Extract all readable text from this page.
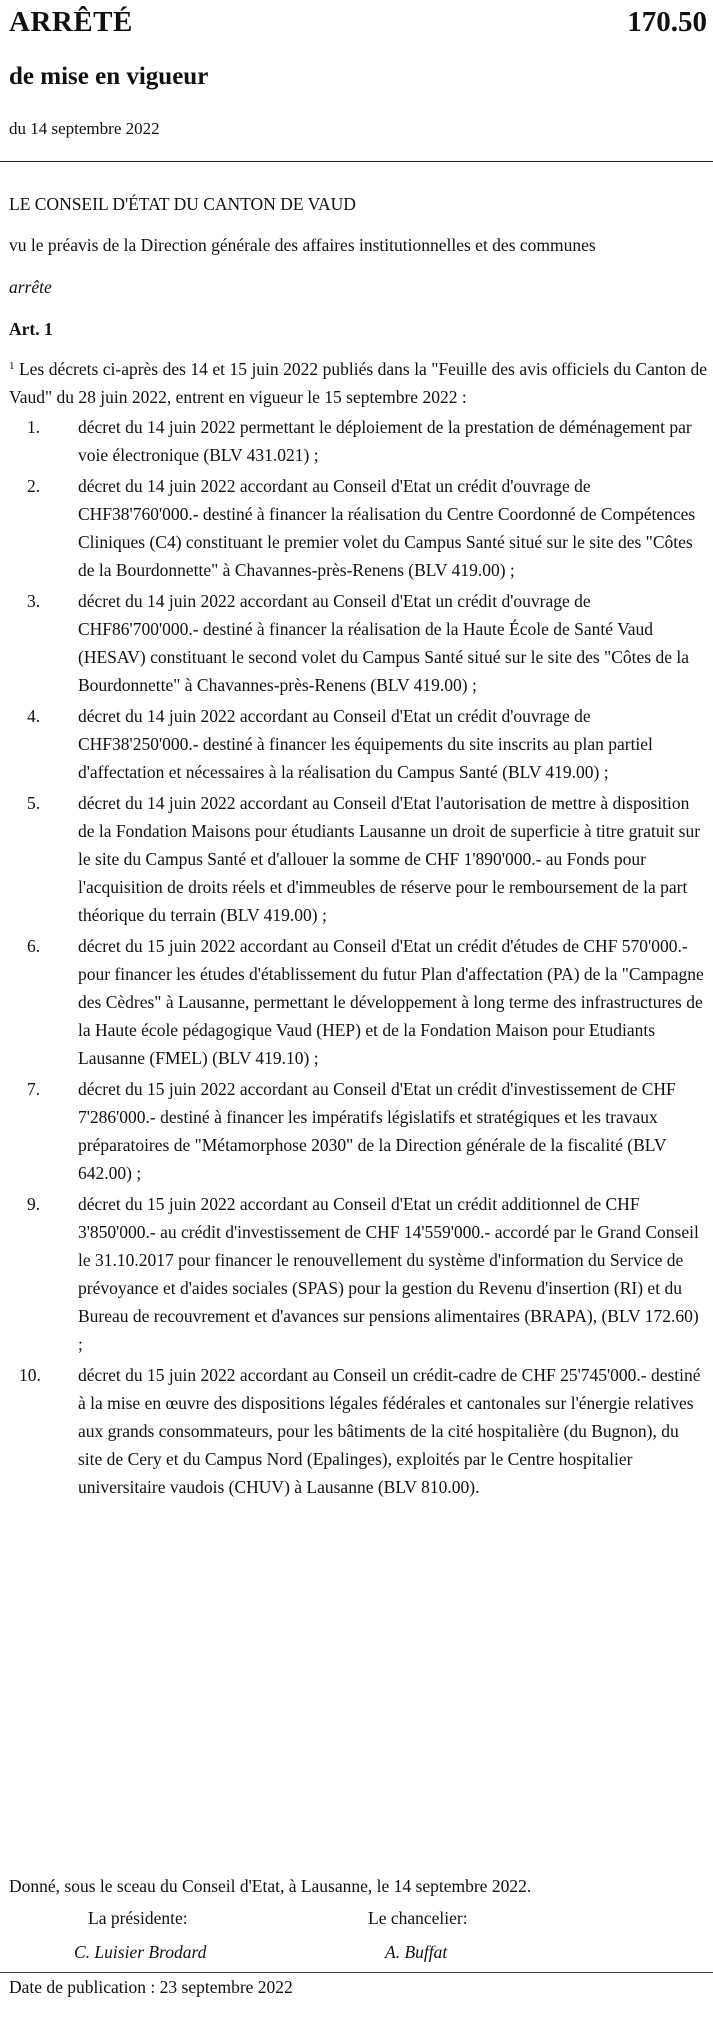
ARRÊTÉ	170.50
de mise en vigueur
du 14 septembre 2022

LE CONSEIL D'ÉTAT DU CANTON DE VAUD

vu le préavis de la Direction générale des affaires institutionnelles et des communes

arrête

Art. 1

$^1$ Les décrets ci-après des 14 et 15 juin 2022 publiés dans la "Feuille des avis officiels du Canton de Vaud" du 28 juin 2022, entrent en vigueur le 15 septembre 2022 :

1.	décret du 14 juin 2022 permettant le déploiement de la prestation de déménagement par voie électronique (BLV 431.021) ;
2.	décret du 14 juin 2022 accordant au Conseil d'Etat un crédit d'ouvrage de CHF38'760'000.- destiné à financer la réalisation du Centre Coordonné de Compétences Cliniques (C4) constituant le premier volet du Campus Santé situé sur le site des "Côtes de la Bourdonnette" à Chavannes-près-Renens (BLV 419.00) ;
3.	décret du 14 juin 2022 accordant au Conseil d'Etat un crédit d'ouvrage de CHF86'700'000.- destiné à financer la réalisation de la Haute École de Santé Vaud (HESAV) constituant le second volet du Campus Santé situé sur le site des "Côtes de la Bourdonnette" à Chavannes-près-Renens (BLV 419.00) ;
4.	décret du 14 juin 2022 accordant au Conseil d'Etat un crédit d'ouvrage de CHF38'250'000.- destiné à financer les équipements du site inscrits au plan partiel d'affectation et nécessaires à la réalisation du Campus Santé (BLV 419.00) ;
5.	décret du 14 juin 2022 accordant au Conseil d'Etat l'autorisation de mettre à disposition de la Fondation Maisons pour étudiants Lausanne un droit de superficie à titre gratuit sur le site du Campus Santé et d'allouer la somme de CHF 1'890'000.- au Fonds pour l'acquisition de droits réels et d'immeubles de réserve pour le remboursement de la part théorique du terrain (BLV 419.00) ;
6.	décret du 15 juin 2022 accordant au Conseil d'Etat un crédit d'études de CHF 570'000.- pour financer les études d'établissement du futur Plan d'affectation (PA) de la "Campagne des Cèdres" à Lausanne, permettant le développement à long terme des infrastructures de la Haute école pédagogique Vaud (HEP) et de la Fondation Maison pour Etudiants Lausanne (FMEL) (BLV 419.10) ;
7.	décret du 15 juin 2022 accordant au Conseil d'Etat un crédit d'investissement de CHF 7'286'000.- destiné à financer les impératifs législatifs et stratégiques et les travaux préparatoires de "Métamorphose 2030" de la Direction générale de la fiscalité (BLV 642.00) ;
9.	décret du 15 juin 2022 accordant au Conseil d'Etat un crédit additionnel de CHF 3'850'000.- au crédit d'investissement de CHF 14'559'000.- accordé par le Grand Conseil le 31.10.2017 pour financer le renouvellement du système d'information du Service de prévoyance et d'aides sociales (SPAS) pour la gestion du Revenu d'insertion (RI) et du Bureau de recouvrement et d'avances sur pensions alimentaires (BRAPA), (BLV 172.60) ;
10.	décret du 15 juin 2022 accordant au Conseil un crédit-cadre de CHF 25'745'000.- destiné à la mise en œuvre des dispositions légales fédérales et cantonales sur l'énergie relatives aux grands consommateurs, pour les bâtiments de la cité hospitalière (du Bugnon), du site de Cery et du Campus Nord (Epalinges), exploités par le Centre hospitalier universitaire vaudois (CHUV) à Lausanne (BLV 810.00).
Donné, sous le sceau du Conseil d'Etat, à Lausanne, le 14 septembre 2022.
La présidente:	Le chancelier:
C. Luisier Brodard	A. Buffat
Date de publication : 23 septembre 2022
